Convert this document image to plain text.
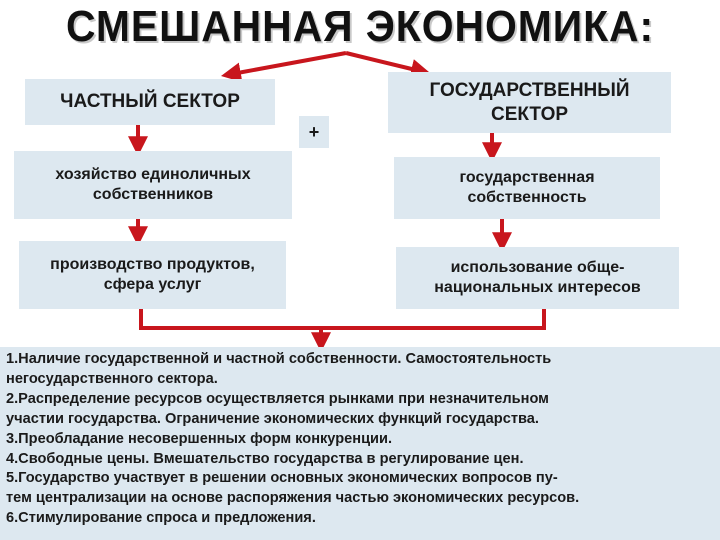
СМЕШАННАЯ ЭКОНОМИКА:
ЧАСТНЫЙ СЕКТОР
ГОСУДАРСТВЕННЫЙ
СЕКТОР
+
хозяйство единоличных
собственников
государственная
собственность
производство продуктов,
сфера услуг
использование обще-
национальных интересов
1.Наличие государственной и частной собственности. Самостоятельность
негосударственного сектора.
2.Распределение ресурсов осуществляется рынками при незначительном
участии государства. Ограничение экономических функций государства.
3.Преобладание несовершенных форм конкуренции.
4.Свободные цены. Вмешательство государства в регулирование цен.
5.Государство участвует в решении основных экономических вопросов пу-
тем централизации на основе распоряжения частью экономических ресурсов.
6.Стимулирование спроса и предложения.
